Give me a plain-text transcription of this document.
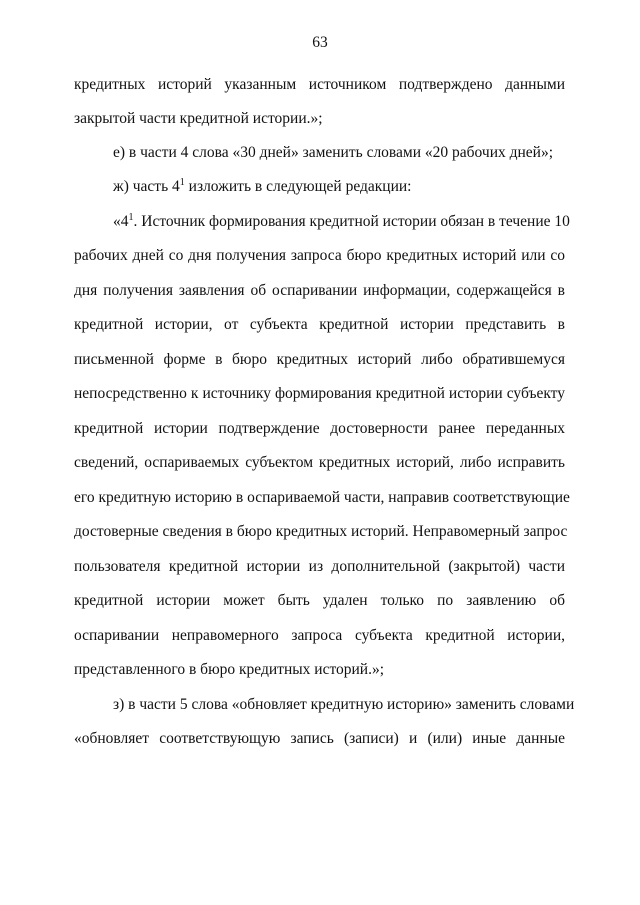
63
кредитных историй указанным источником подтверждено данными
закрытой части кредитной истории.»;
е) в части 4 слова «30 дней» заменить словами «20 рабочих дней»;
ж) часть $4^1$ изложить в следующей редакции:
«$4^1$. Источник формирования кредитной истории обязан в течение 10
рабочих дней со дня получения запроса бюро кредитных историй или со
дня получения заявления об оспаривании информации, содержащейся в
кредитной истории, от субъекта кредитной истории представить в
письменной форме в бюро кредитных историй либо обратившемуся
непосредственно к источнику формирования кредитной истории субъекту
кредитной истории подтверждение достоверности ранее переданных
сведений, оспариваемых субъектом кредитных историй, либо исправить
его кредитную историю в оспариваемой части, направив соответствующие
достоверные сведения в бюро кредитных историй. Неправомерный запрос
пользователя кредитной истории из дополнительной (закрытой) части
кредитной истории может быть удален только по заявлению об
оспаривании неправомерного запроса субъекта кредитной истории,
представленного в бюро кредитных историй.»;
з) в части 5 слова «обновляет кредитную историю» заменить словами
«обновляет соответствующую запись (записи) и (или) иные данные
